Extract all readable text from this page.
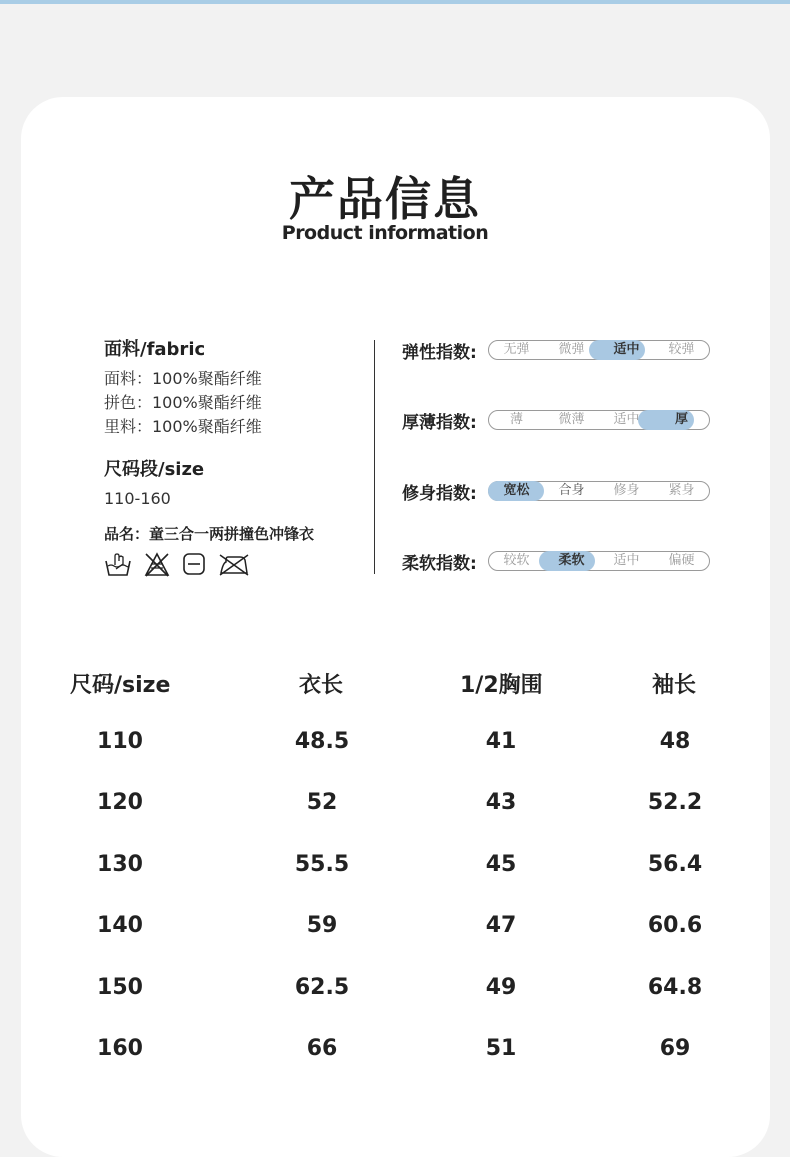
产品信息
Product information
面料/fabric
面料：100%聚酯纤维
拼色：100%聚酯纤维
里料：100%聚酯纤维
尺码段/size
110-160
品名：童三合一两拼撞色冲锋衣
弹性指数:	无弹	微弹	适中	较弹
厚薄指数:	薄	微薄	适中	厚
修身指数:	宽松	合身	修身	紧身
柔软指数:	较软	柔软	适中	偏硬
尺码/size	衣长	1/2胸围	袖长
110	48.5	41	48
120	52	43	52.2
130	55.5	45	56.4
140	59	47	60.6
150	62.5	49	64.8
160	66	51	69
